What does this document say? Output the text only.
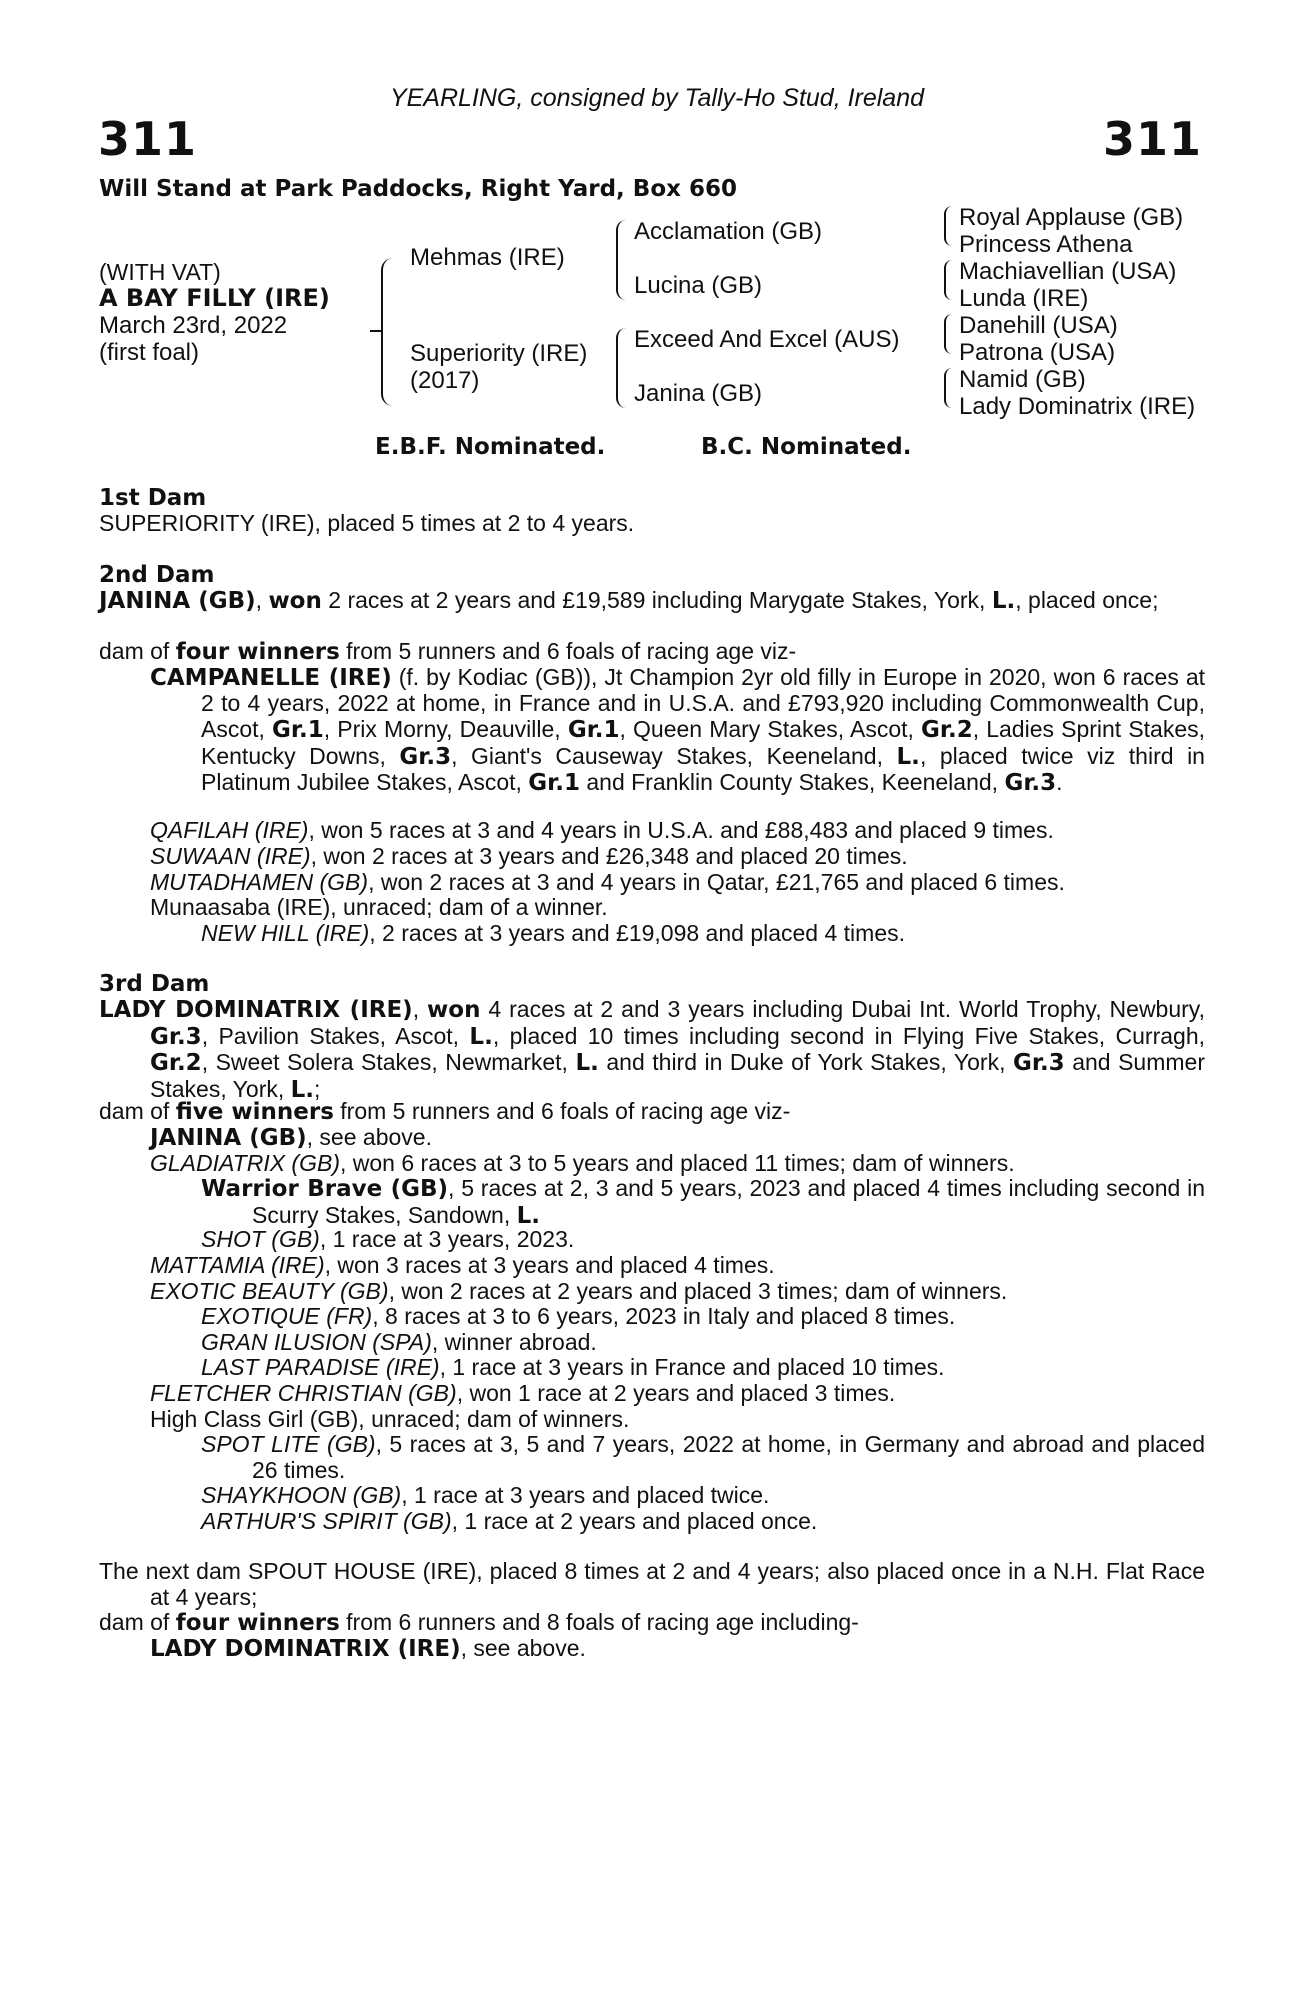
YEARLING, consigned by Tally-Ho Stud, Ireland
311	311
Will Stand at Park Paddocks, Right Yard, Box 660
(WITH VAT)
A BAY FILLY (IRE)
March 23rd, 2022
(first foal)
Mehmas (IRE)
Superiority (IRE)
(2017)
Acclamation (GB)
Lucina (GB)
Exceed And Excel (AUS)
Janina (GB)
Royal Applause (GB)
Princess Athena
Machiavellian (USA)
Lunda (IRE)
Danehill (USA)
Patrona (USA)
Namid (GB)
Lady Dominatrix (IRE)
E.B.F. Nominated.	B.C. Nominated.
1st Dam
SUPERIORITY (IRE), placed 5 times at 2 to 4 years.
2nd Dam
JANINA (GB), won 2 races at 2 years and £19,589 including Marygate Stakes, York, L., placed once;
dam of four winners from 5 runners and 6 foals of racing age viz-
CAMPANELLE (IRE) (f. by Kodiac (GB)), Jt Champion 2yr old filly in Europe in 2020, won 6 races at 2 to 4 years, 2022 at home, in France and in U.S.A. and £793,920 including Commonwealth Cup, Ascot, Gr.1, Prix Morny, Deauville, Gr.1, Queen Mary Stakes, Ascot, Gr.2, Ladies Sprint Stakes, Kentucky Downs, Gr.3, Giant's Causeway Stakes, Keeneland, L., placed twice viz third in Platinum Jubilee Stakes, Ascot, Gr.1 and Franklin County Stakes, Keeneland, Gr.3.
QAFILAH (IRE), won 5 races at 3 and 4 years in U.S.A. and £88,483 and placed 9 times.
SUWAAN (IRE), won 2 races at 3 years and £26,348 and placed 20 times.
MUTADHAMEN (GB), won 2 races at 3 and 4 years in Qatar, £21,765 and placed 6 times.
Munaasaba (IRE), unraced; dam of a winner.
NEW HILL (IRE), 2 races at 3 years and £19,098 and placed 4 times.
3rd Dam
LADY DOMINATRIX (IRE), won 4 races at 2 and 3 years including Dubai Int. World Trophy, Newbury, Gr.3, Pavilion Stakes, Ascot, L., placed 10 times including second in Flying Five Stakes, Curragh, Gr.2, Sweet Solera Stakes, Newmarket, L. and third in Duke of York Stakes, York, Gr.3 and Summer Stakes, York, L.;
dam of five winners from 5 runners and 6 foals of racing age viz-
JANINA (GB), see above.
GLADIATRIX (GB), won 6 races at 3 to 5 years and placed 11 times; dam of winners.
Warrior Brave (GB), 5 races at 2, 3 and 5 years, 2023 and placed 4 times including second in Scurry Stakes, Sandown, L.
SHOT (GB), 1 race at 3 years, 2023.
MATTAMIA (IRE), won 3 races at 3 years and placed 4 times.
EXOTIC BEAUTY (GB), won 2 races at 2 years and placed 3 times; dam of winners.
EXOTIQUE (FR), 8 races at 3 to 6 years, 2023 in Italy and placed 8 times.
GRAN ILUSION (SPA), winner abroad.
LAST PARADISE (IRE), 1 race at 3 years in France and placed 10 times.
FLETCHER CHRISTIAN (GB), won 1 race at 2 years and placed 3 times.
High Class Girl (GB), unraced; dam of winners.
SPOT LITE (GB), 5 races at 3, 5 and 7 years, 2022 at home, in Germany and abroad and placed 26 times.
SHAYKHOON (GB), 1 race at 3 years and placed twice.
ARTHUR'S SPIRIT (GB), 1 race at 2 years and placed once.
The next dam SPOUT HOUSE (IRE), placed 8 times at 2 and 4 years; also placed once in a N.H. Flat Race at 4 years;
dam of four winners from 6 runners and 8 foals of racing age including-
LADY DOMINATRIX (IRE), see above.
